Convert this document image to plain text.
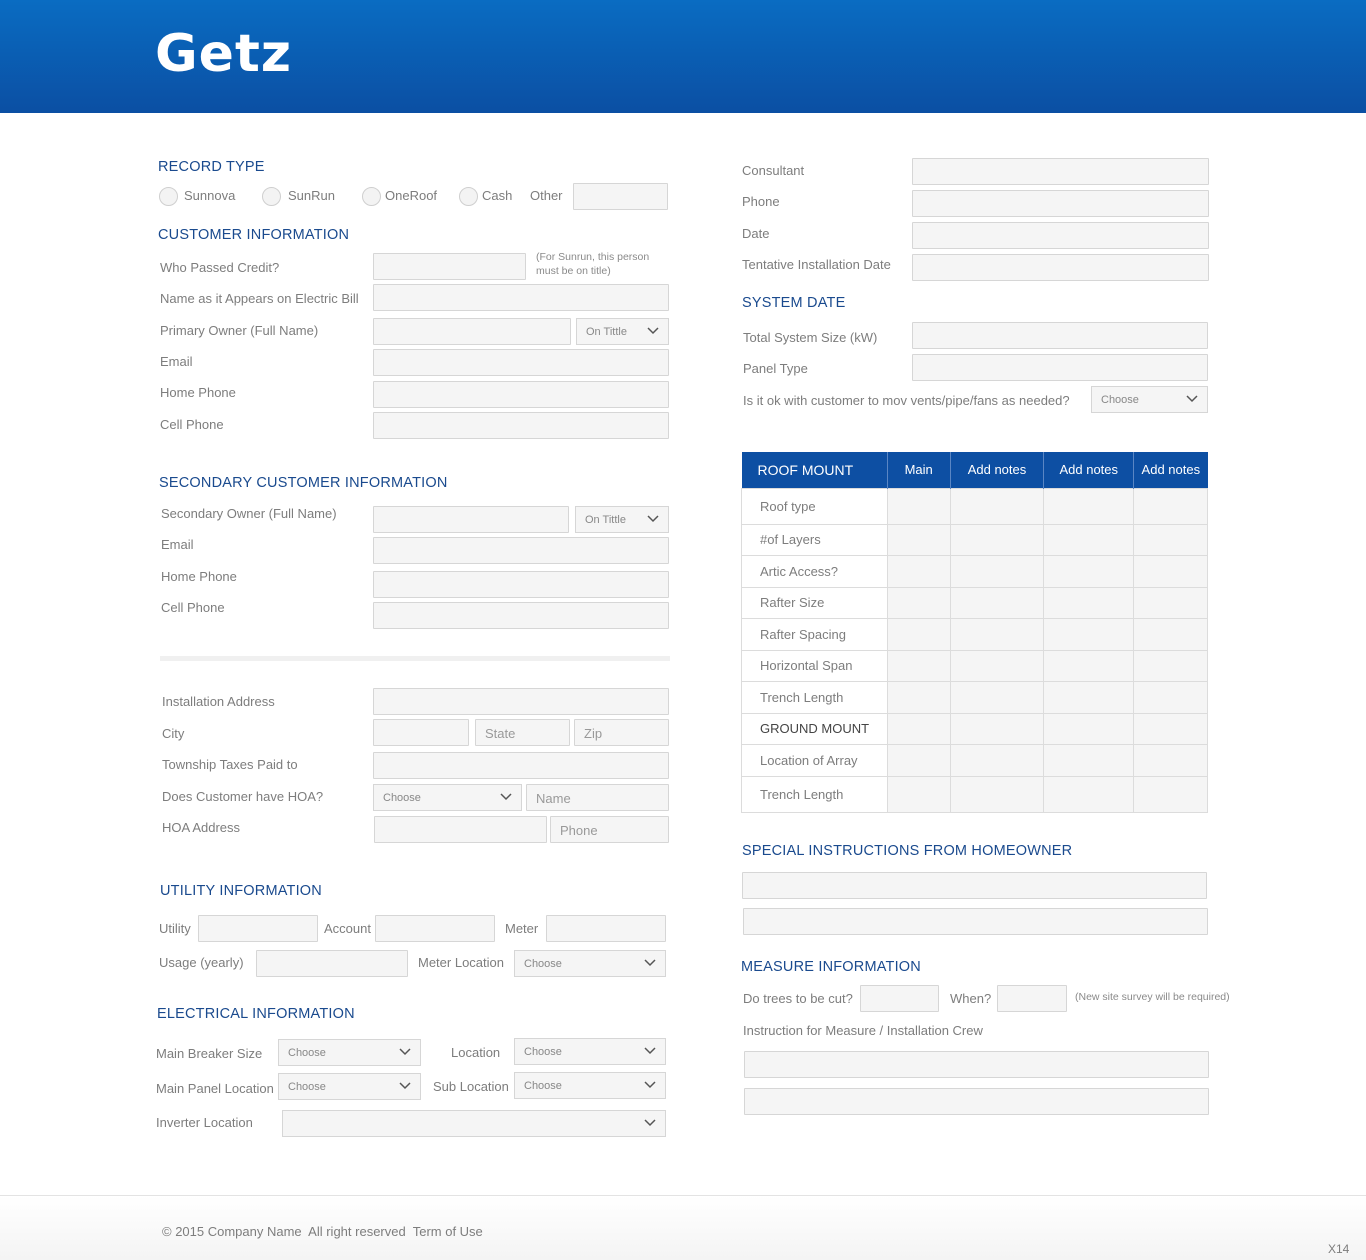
Getz
RECORD TYPE
Sunnova	SunRun	OneRoof	Cash Other
CUSTOMER INFORMATION
Who Passed Credit?
(For Sunrun, this person
must be on title)
Name as it Appears on Electric Bill
Primary Owner (Full Name)	On Tittle
Email
Home Phone
Cell Phone
SECONDARY CUSTOMER INFORMATION
Secondary Owner (Full Name)	On Tittle
Email
Home Phone
Cell Phone
Installation Address
City	State	Zip
Township Taxes Paid to
Does Customer have HOA?	Choose	Name
HOA Address	Phone
UTILITY INFORMATION
Utility	Account	Meter
Usage (yearly)	Meter Location Choose
ELECTRICAL INFORMATION
Main Breaker Size Choose	Location Choose
Main Panel Location Choose	Sub Location Choose
Inverter Location
Consultant
Phone
Date
Tentative Installation Date
SYSTEM DATE
Total System Size (kW)
Panel Type
Is it ok with customer to mov vents/pipe/fans as needed?	Choose
ROOF MOUNT	Main	Add notes	Add notes	Add notes
Roof type				
#of Layers				
Artic Access?				
Rafter Size				
Rafter Spacing				
Horizontal Span				
Trench Length				
GROUND MOUNT				
Location of Array				
Trench Length				
SPECIAL INSTRUCTIONS FROM HOMEOWNER
MEASURE INFORMATION
Do trees to be cut?	When?	(New site survey will be required)
Instruction for Measure / Installation Crew
© 2015 Company Name All right reserved Term of Use
X14
